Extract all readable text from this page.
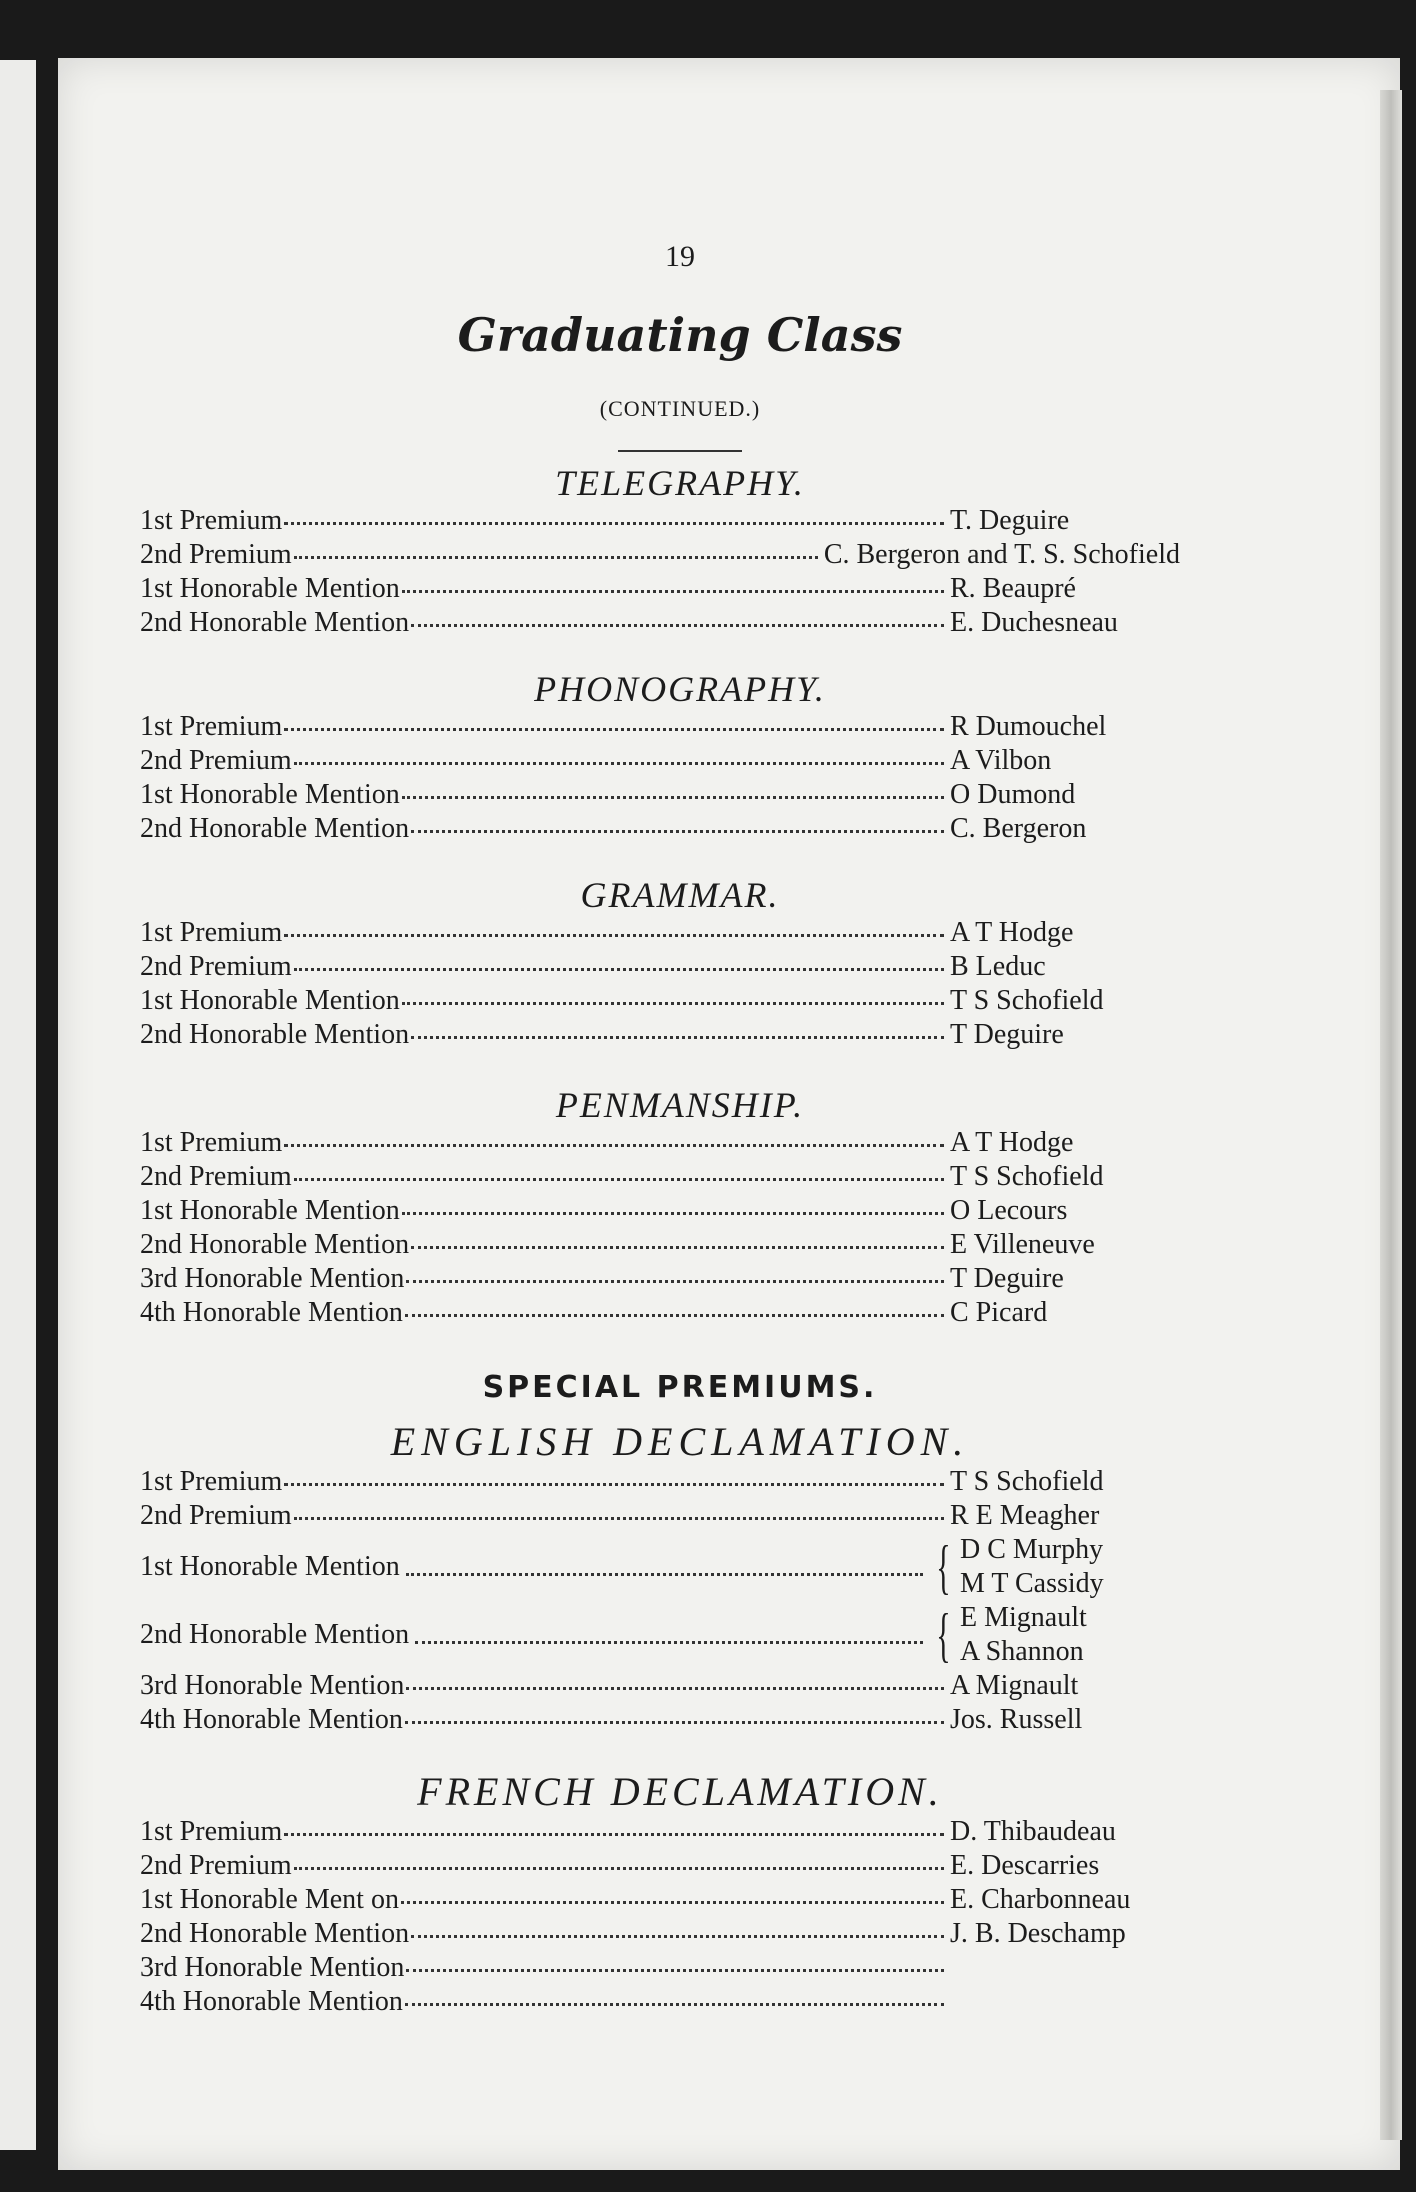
19
Graduating Class
(CONTINUED.)
TELEGRAPHY.
1st Premium	T. Deguire
2nd Premium	C. Bergeron and T. S. Schofield
1st Honorable Mention	R. Beaupré
2nd Honorable Mention	E. Duchesneau
PHONOGRAPHY.
1st Premium	R Dumouchel
2nd Premium	A Vilbon
1st Honorable Mention	O Dumond
2nd Honorable Mention	C. Bergeron
GRAMMAR.
1st Premium	A T Hodge
2nd Premium	B Leduc
1st Honorable Mention	T S Schofield
2nd Honorable Mention	T Deguire
PENMANSHIP.
1st Premium	A T Hodge
2nd Premium	T S Schofield
1st Honorable Mention	O Lecours
2nd Honorable Mention	E Villeneuve
3rd Honorable Mention	T Deguire
4th Honorable Mention	C Picard
SPECIAL PREMIUMS.
ENGLISH DECLAMATION.
1st Premium	T S Schofield
2nd Premium	R E Meagher
1st Honorable Mention	{ D C Murphy
M T Cassidy
2nd Honorable Mention	{ E Mignault
A Shannon
3rd Honorable Mention	A Mignault
4th Honorable Mention	Jos. Russell
FRENCH DECLAMATION.
1st Premium	D. Thibaudeau
2nd Premium	E. Descarries
1st Honorable Ment on	E. Charbonneau
2nd Honorable Mention	J. B. Deschamp
3rd Honorable Mention
4th Honorable Mention
